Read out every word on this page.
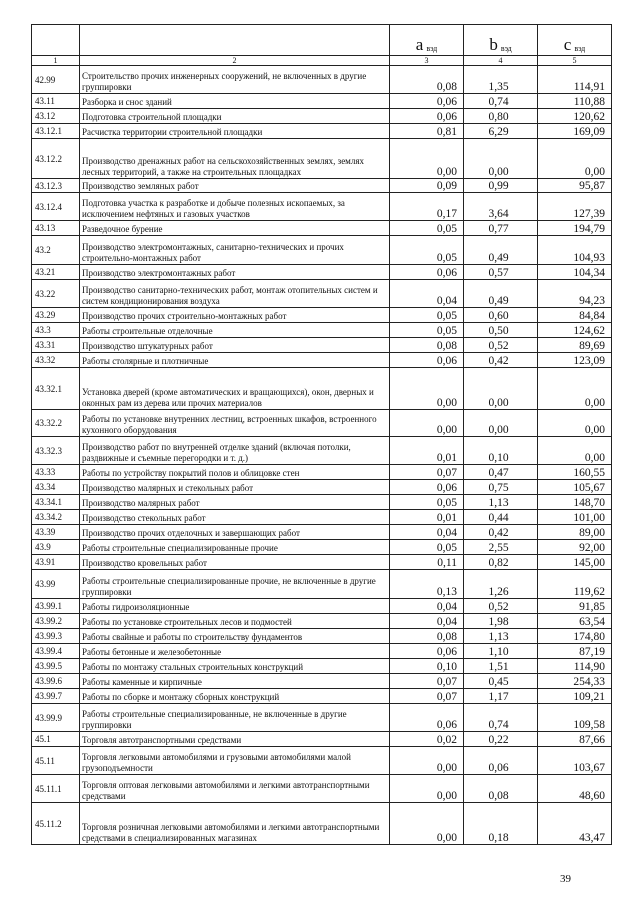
		a $_{вэд}$	b $_{вэд}$	c $_{вэд}$
1	2	3	4	5
42.99	Строительство прочих инженерных сооружений, не включенных в другие группировки	0,08	1,35	114,91
43.11	Разборка и снос зданий	0,06	0,74	110,88
43.12	Подготовка строительной площадки	0,06	0,80	120,62
43.12.1	Расчистка территории строительной площадки	0,81	6,29	169,09
43.12.2	Производство дренажных работ на сельскохозяйственных землях, землях лесных территорий, а также на строительных площадках	0,00	0,00	0,00
43.12.3	Производство земляных работ	0,09	0,99	95,87
43.12.4	Подготовка участка к разработке и добыче полезных ископаемых, за исключением нефтяных и газовых участков	0,17	3,64	127,39
43.13	Разведочное бурение	0,05	0,77	194,79
43.2	Производство электромонтажных, санитарно-технических и прочих строительно-монтажных работ	0,05	0,49	104,93
43.21	Производство электромонтажных работ	0,06	0,57	104,34
43.22	Производство санитарно-технических работ, монтаж отопительных систем и систем кондиционирования воздуха	0,04	0,49	94,23
43.29	Производство прочих строительно-монтажных работ	0,05	0,60	84,84
43.3	Работы строительные отделочные	0,05	0,50	124,62
43.31	Производство штукатурных работ	0,08	0,52	89,69
43.32	Работы столярные и плотничные	0,06	0,42	123,09
43.32.1	Установка дверей (кроме автоматических и вращающихся), окон, дверных и оконных рам из дерева или прочих материалов	0,00	0,00	0,00
43.32.2	Работы по установке внутренних лестниц, встроенных шкафов, встроенного кухонного оборудования	0,00	0,00	0,00
43.32.3	Производство работ по внутренней отделке зданий (включая потолки, раздвижные и съемные перегородки и т. д.)	0,01	0,10	0,00
43.33	Работы по устройству покрытий полов и облицовке стен	0,07	0,47	160,55
43.34	Производство малярных и стекольных работ	0,06	0,75	105,67
43.34.1	Производство малярных работ	0,05	1,13	148,70
43.34.2	Производство стекольных работ	0,01	0,44	101,00
43.39	Производство прочих отделочных и завершающих работ	0,04	0,42	89,00
43.9	Работы строительные специализированные прочие	0,05	2,55	92,00
43.91	Производство кровельных работ	0,11	0,82	145,00
43.99	Работы строительные специализированные прочие, не включенные в другие группировки	0,13	1,26	119,62
43.99.1	Работы гидроизоляционные	0,04	0,52	91,85
43.99.2	Работы по установке строительных лесов и подмостей	0,04	1,98	63,54
43.99.3	Работы свайные и работы по строительству фундаментов	0,08	1,13	174,80
43.99.4	Работы бетонные и железобетонные	0,06	1,10	87,19
43.99.5	Работы по монтажу стальных строительных конструкций	0,10	1,51	114,90
43.99.6	Работы каменные и кирпичные	0,07	0,45	254,33
43.99.7	Работы по сборке и монтажу сборных конструкций	0,07	1,17	109,21
43.99.9	Работы строительные специализированные, не включенные в другие группировки	0,06	0,74	109,58
45.1	Торговля автотранспортными средствами	0,02	0,22	87,66
45.11	Торговля легковыми автомобилями и грузовыми автомобилями малой грузоподъемности	0,00	0,06	103,67
45.11.1	Торговля оптовая легковыми автомобилями и легкими автотранспортными средствами	0,00	0,08	48,60
45.11.2	Торговля розничная легковыми автомобилями и легкими автотранспортными средствами в специализированных магазинах	0,00	0,18	43,47
39
